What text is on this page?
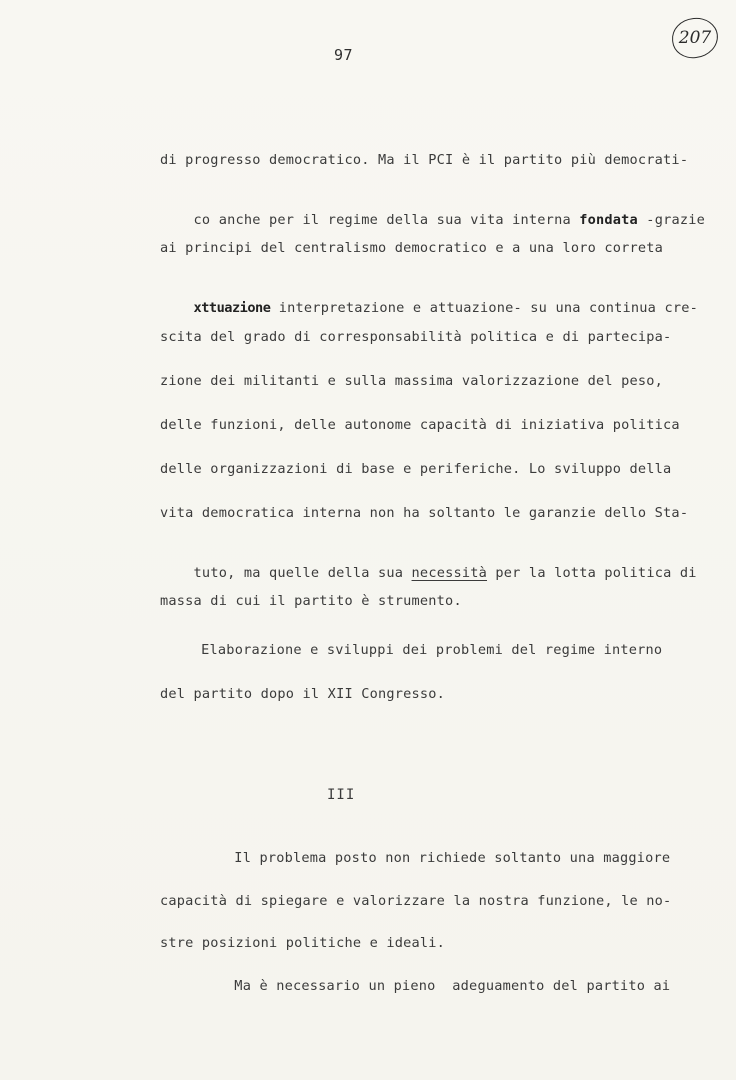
97
207
di progresso democratico. Ma il PCI è il partito più democrati-

co anche per il regime della sua vita interna fondata -grazie

ai principi del centralismo democratico e a una loro correta

xttuazione interpretazione e attuazione- su una continua cre-

scita del grado di corresponsabilità politica e di partecipa-
zione dei militanti e sulla massima valorizzazione del peso,
delle funzioni, delle autonome capacità di iniziativa politica
delle organizzazioni di base e periferiche. Lo sviluppo della
vita democratica interna non ha soltanto le garanzie dello Sta-

tuto, ma quelle della sua necessità per la lotta politica di

massa di cui il partito è strumento.
Elaborazione e sviluppi dei problemi del regime interno
del partito dopo il XII Congresso.
III
Il problema posto non richiede soltanto una maggiore
capacità di spiegare e valorizzare la nostra funzione, le no-
stre posizioni politiche e ideali.
Ma è necessario un pieno  adeguamento del partito ai
